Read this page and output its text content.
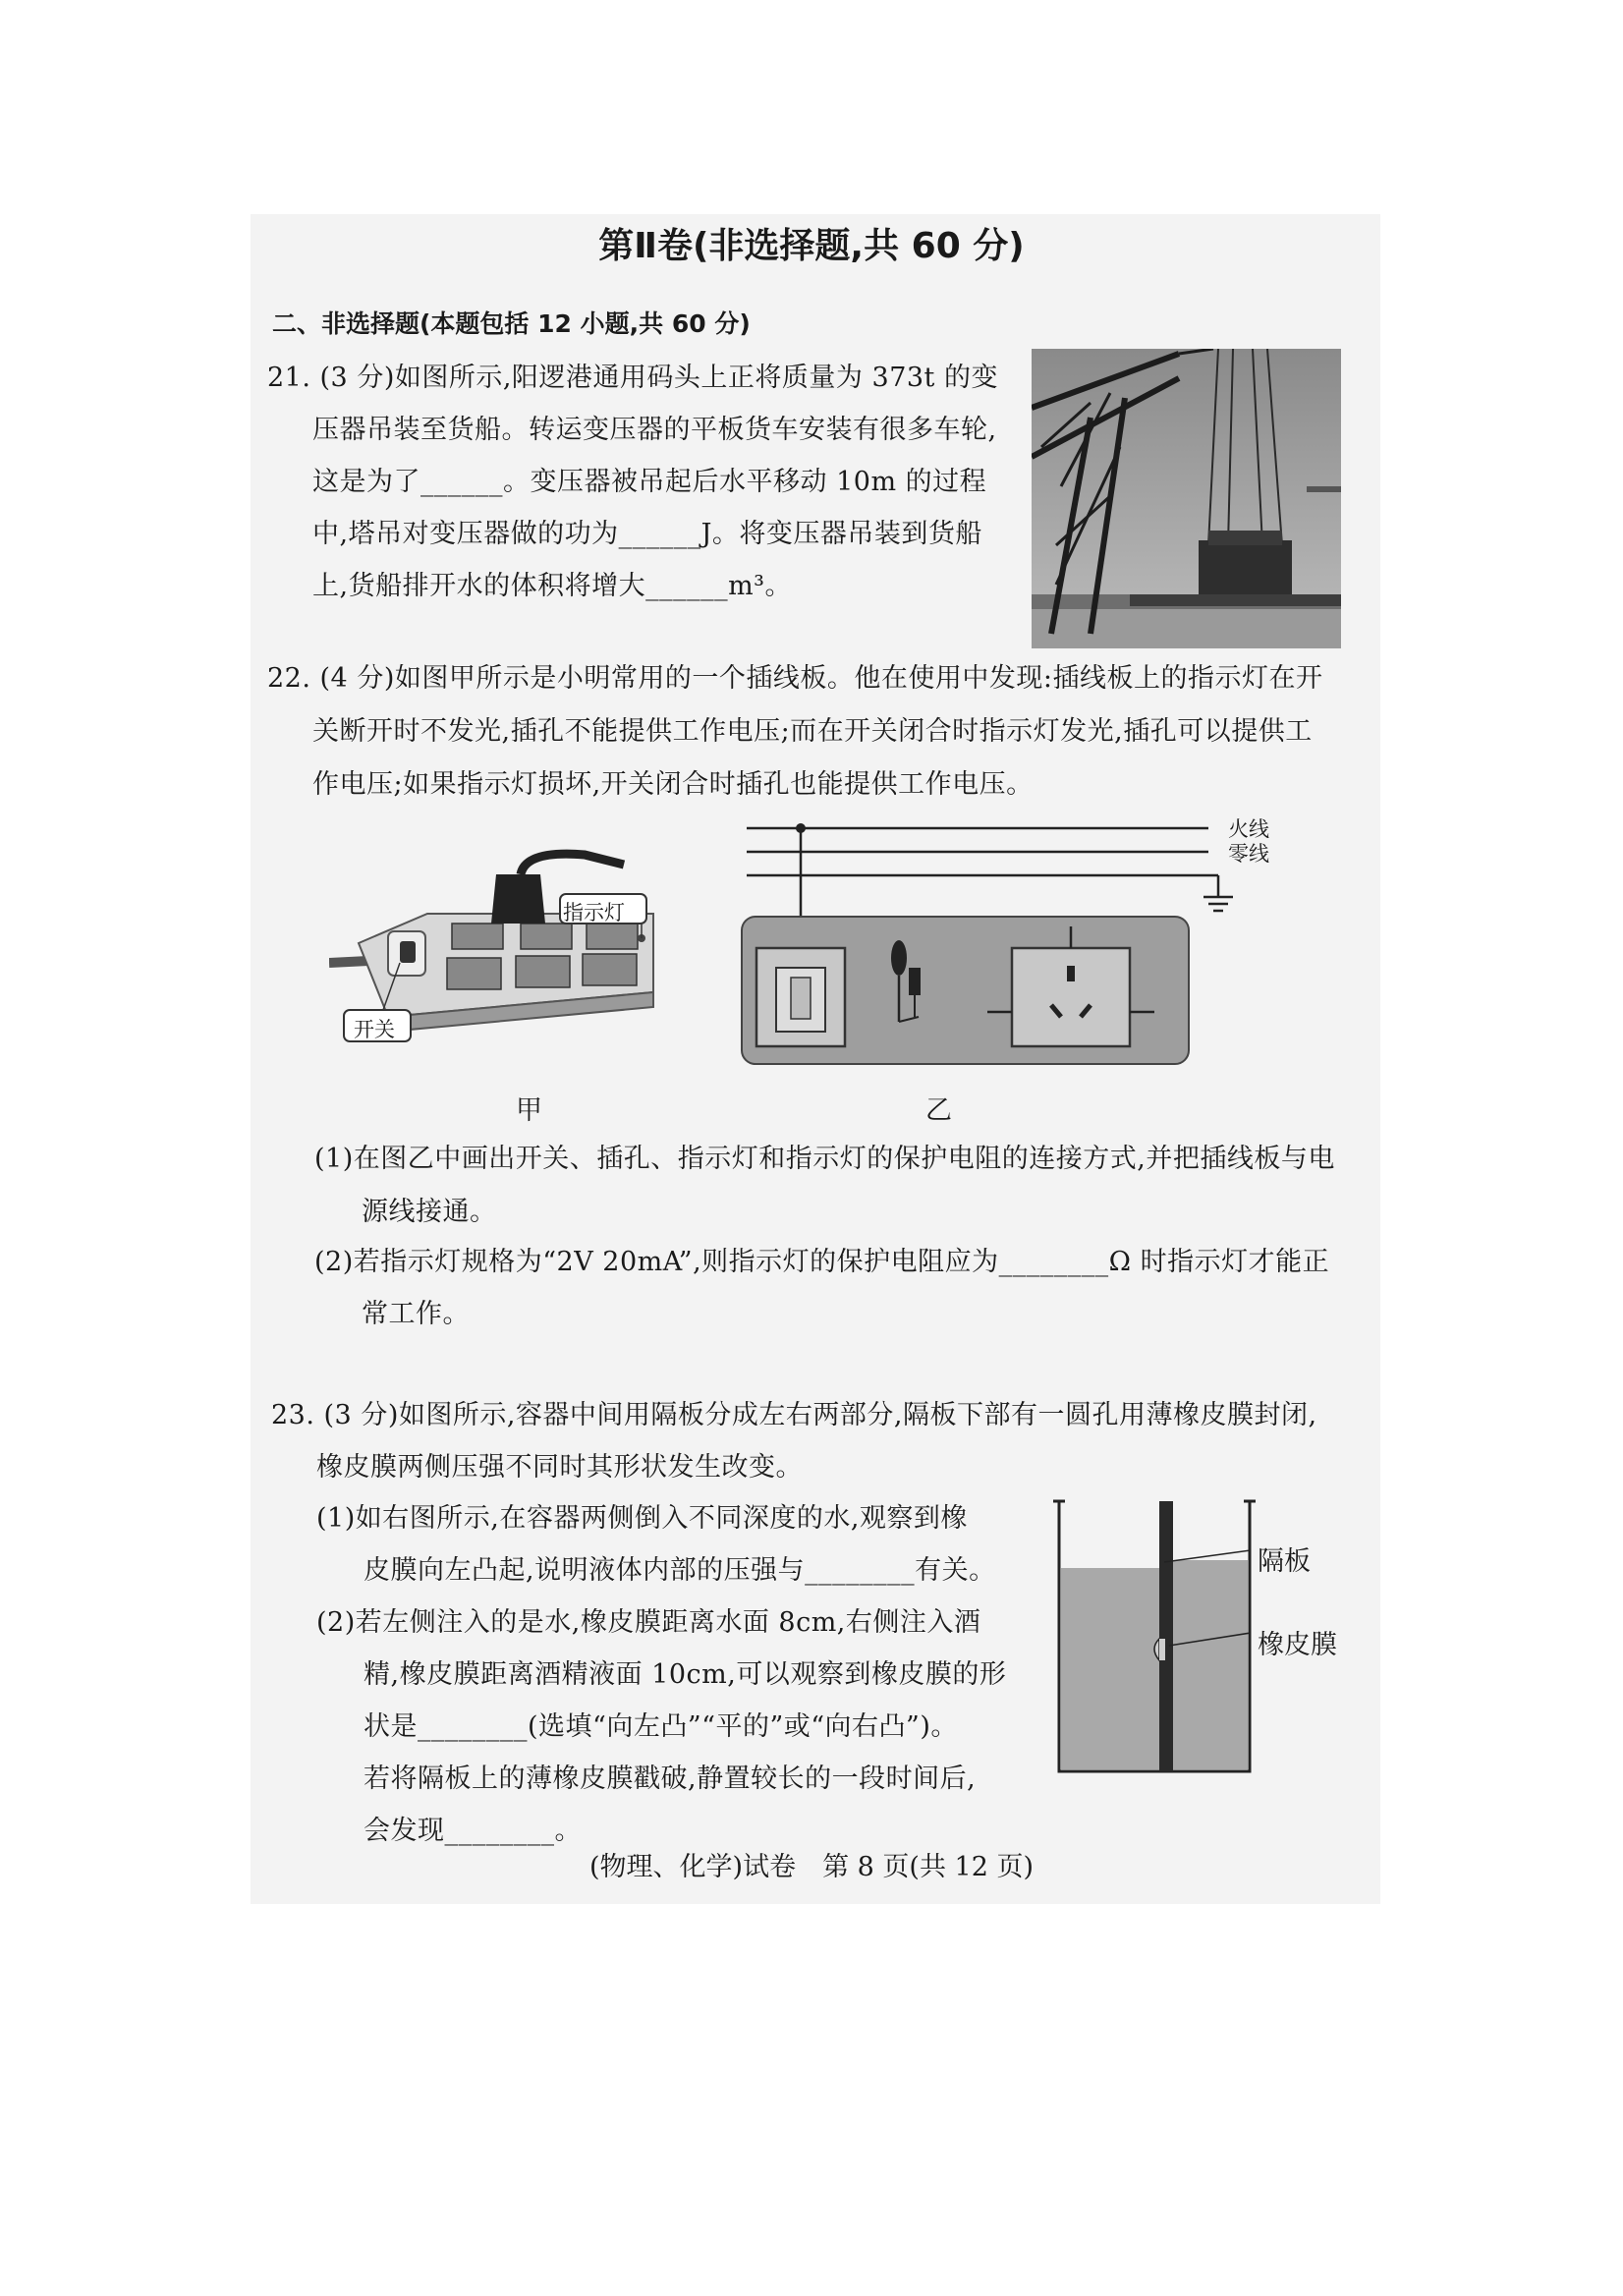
第Ⅱ卷(非选择题,共 60 分)
二、非选择题(本题包括 12 小题,共 60 分)
21. (3 分)如图所示,阳逻港通用码头上正将质量为 373t 的变
压器吊装至货船。转运变压器的平板货车安装有很多车轮,
这是为了______。变压器被吊起后水平移动 10m 的过程
中,塔吊对变压器做的功为______J。将变压器吊装到货船
上,货船排开水的体积将增大______m³。
22. (4 分)如图甲所示是小明常用的一个插线板。他在使用中发现:插线板上的指示灯在开
关断开时不发光,插孔不能提供工作电压;而在开关闭合时指示灯发光,插孔可以提供工
作电压;如果指示灯损坏,开关闭合时插孔也能提供工作电压。
指示灯
开关
甲
火线
零线
乙
(1)在图乙中画出开关、插孔、指示灯和指示灯的保护电阻的连接方式,并把插线板与电
源线接通。
(2)若指示灯规格为“2V 20mA”,则指示灯的保护电阻应为________Ω 时指示灯才能正
常工作。
23. (3 分)如图所示,容器中间用隔板分成左右两部分,隔板下部有一圆孔用薄橡皮膜封闭,
橡皮膜两侧压强不同时其形状发生改变。
(1)如右图所示,在容器两侧倒入不同深度的水,观察到橡
皮膜向左凸起,说明液体内部的压强与________有关。
(2)若左侧注入的是水,橡皮膜距离水面 8cm,右侧注入酒
精,橡皮膜距离酒精液面 10cm,可以观察到橡皮膜的形
状是________(选填“向左凸”“平的”或“向右凸”)。
若将隔板上的薄橡皮膜戳破,静置较长的一段时间后,
会发现________。
隔板
橡皮膜
(物理、化学)试卷　第 8 页(共 12 页)
